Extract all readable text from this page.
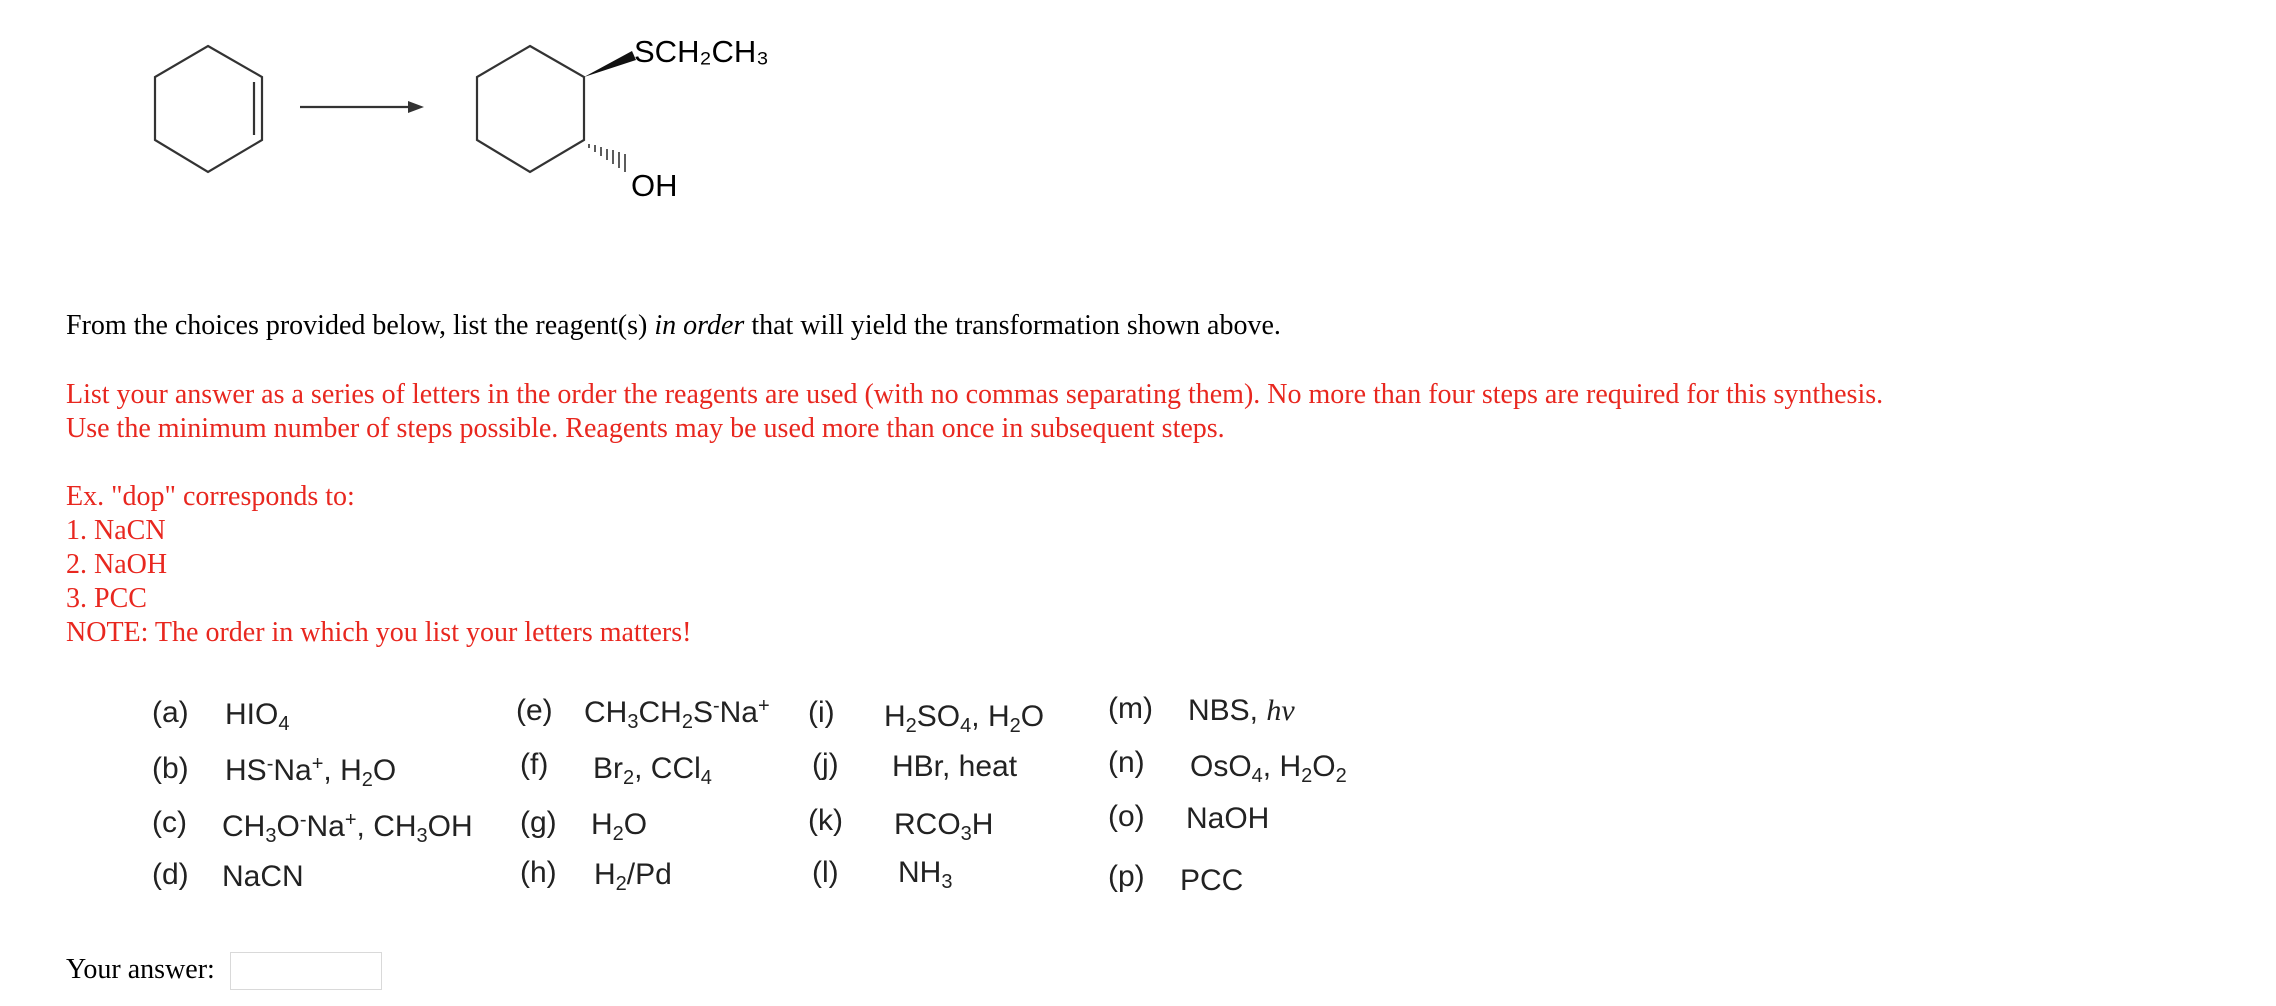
SCH₂CH₃
OH
From the choices provided below, list the reagent(s) in order that will yield the transformation shown above.
List your answer as a series of letters in the order the reagents are used (with no commas separating them). No more than four steps are required for this synthesis.
Use the minimum number of steps possible. Reagents may be used more than once in subsequent steps.
Ex. "dop" corresponds to:
1. NaCN
2. NaOH
3. PCC
NOTE: The order in which you list your letters matters!
(a) $HIO_4$
(b) HS-Na+, $H_2O$
(c) $CH_3O^-Na^+$, $CH_3OH$
(d) NaCN
(e) $CH_3CH_2S^-Na^+$
(f) $Br_2$, CCl$_4$
(g) $H_2O$
(h) $H_2/Pd$
(i) $H_2SO_4$, $H_2O$
(j) HBr, heat
(k) $RCO_3H$
(l) $NH_3$
(m) NBS, hν
(n) OsO$_4$, $H_2O_2$
(o) NaOH
(p) PCC
Your answer:
